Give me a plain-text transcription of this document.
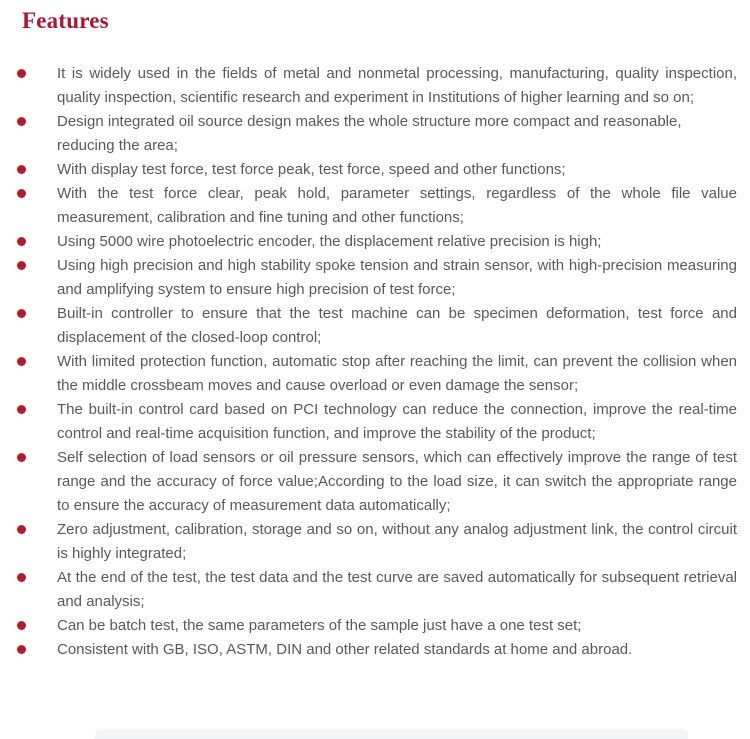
Features
It is widely used in the fields of metal and nonmetal processing, manufacturing, quality inspection, quality inspection, scientific research and experiment in Institutions of higher learning and so on;
Design integrated oil source design makes the whole structure more compact and reasonable, reducing the area;
With display test force, test force peak, test force, speed and other functions;
With the test force clear, peak hold, parameter settings, regardless of the whole file value measurement, calibration and fine tuning and other functions;
Using 5000 wire photoelectric encoder, the displacement relative precision is high;
Using high precision and high stability spoke tension and strain sensor, with high-precision measuring and amplifying system to ensure high precision of test force;
Built-in controller to ensure that the test machine can be specimen deformation, test force and displacement of the closed-loop control;
With limited protection function, automatic stop after reaching the limit, can prevent the collision when the middle crossbeam moves and cause overload or even damage the sensor;
The built-in control card based on PCI technology can reduce the connection, improve the real-time control and real-time acquisition function, and improve the stability of the product;
Self selection of load sensors or oil pressure sensors, which can effectively improve the range of test range and the accuracy of force value;According to the load size, it can switch the appropriate range to ensure the accuracy of measurement data automatically;
Zero adjustment, calibration, storage and so on, without any analog adjustment link, the control circuit is highly integrated;
At the end of the test, the test data and the test curve are saved automatically for subsequent retrieval and analysis;
Can be batch test, the same parameters of the sample just have a one test set;
Consistent with GB, ISO, ASTM, DIN and other related standards at home and abroad.
